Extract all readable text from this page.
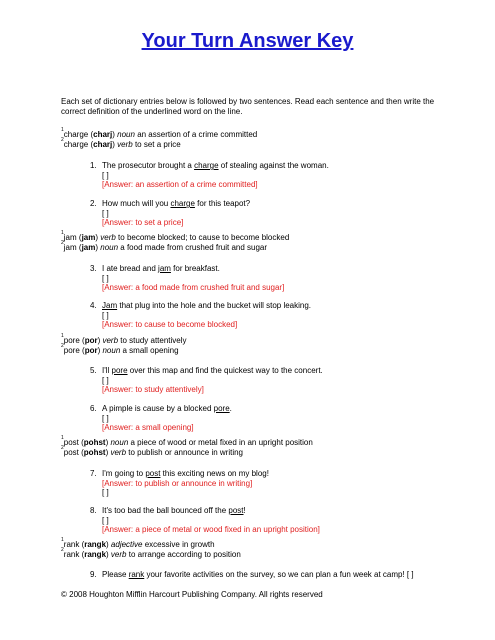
Your Turn Answer Key
Each set of dictionary entries below is followed by two sentences. Read each sentence and then write the correct definition of the underlined word on the line.

$^1$charge (charj) noun an assertion of a crime committed

$^2$charge (charj) verb to set a price

1. The prosecutor brought a charge of stealing against the woman.
[ ]
[Answer: an assertion of a crime committed]
2. How much will you charge for this teapot?
[ ]
[Answer: to set a price]

$^1$jam (jam) verb to become blocked; to cause to become blocked

$^2$jam (jam) noun a food made from crushed fruit and sugar

3. I ate bread and jam for breakfast.
[ ]
[Answer: a food made from crushed fruit and sugar]
4. Jam that plug into the hole and the bucket will stop leaking.
[ ]
[Answer: to cause to become blocked]

$^1$pore (por) verb to study attentively

$^2$pore (por) noun a small opening

5. I'll pore over this map and find the quickest way to the concert.
[ ]
[Answer: to study attentively]
6. A pimple is cause by a blocked pore.
[ ]
[Answer: a small opening]

$^1$post (pohst) noun a piece of wood or metal fixed in an upright position

$^2$post (pohst) verb to publish or announce in writing

7. I'm going to post this exciting news on my blog!
[Answer: to publish or announce in writing]
[ ]
8. It's too bad the ball bounced off the post!
[ ]
[Answer: a piece of metal or wood fixed in an upright position]

$^1$rank (rangk) adjective excessive in growth

$^2$rank (rangk) verb to arrange according to position

9. Please rank your favorite activities on the survey, so we can plan a fun week at camp! [ ]
© 2008 Houghton Mifflin Harcourt Publishing Company. All rights reserved
